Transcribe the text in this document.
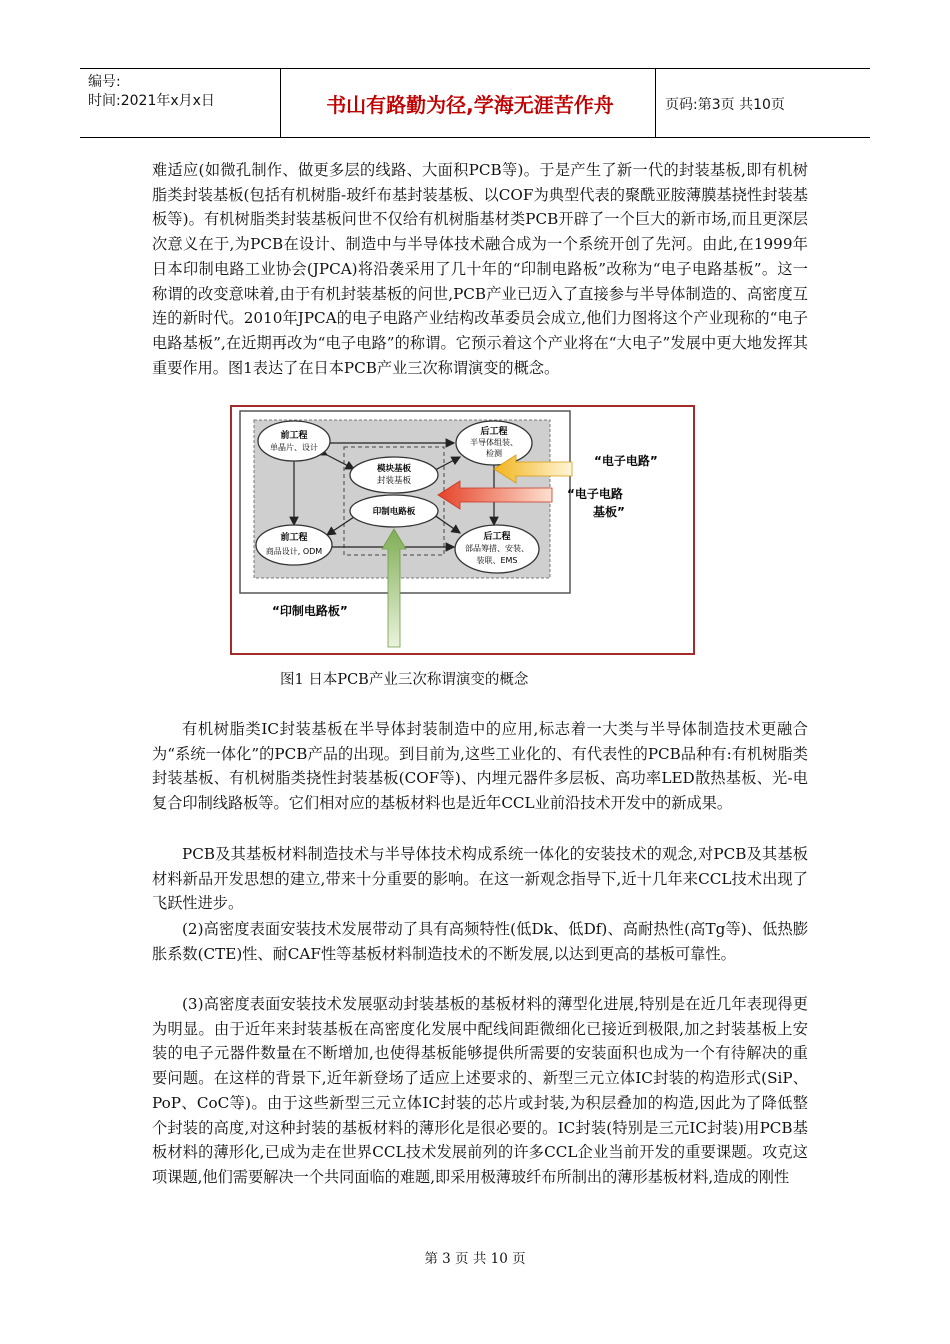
编号:
时间:2021年x月x日	书山有路勤为径,学海无涯苦作舟	页码:第3页 共10页

难适应(如微孔制作、做更多层的线路、大面积PCB等)。于是产生了新一代的封装基板,即有机树脂类封装基板(包括有机树脂-玻纤布基封装基板、以COF为典型代表的聚酰亚胺薄膜基挠性封装基板等)。有机树脂类封装基板问世不仅给有机树脂基材类PCB开辟了一个巨大的新市场,而且更深层次意义在于,为PCB在设计、制造中与半导体技术融合成为一个系统开创了先河。由此,在1999年日本印制电路工业协会(JPCA)将沿袭采用了几十年的“印制电路板”改称为“电子电路基板”。这一称谓的改变意味着,由于有机封装基板的问世,PCB产业已迈入了直接参与半导体制造的、高密度互连的新时代。2010年JPCA的电子电路产业结构改革委员会成立,他们力图将这个产业现称的“电子电路基板”,在近期再改为“电子电路”的称谓。它预示着这个产业将在“大电子”发展中更大地发挥其重要作用。图1表达了在日本PCB产业三次称谓演变的概念。

前工程
单晶片、设计
后工程
半导体组装、
检测
模块基板
封装基板
印制电路板
前工程
商品设计, ODM
后工程
部品筹措、安装、
装联、EMS
“电子电路”
“电子电路
基板”
“印制电路板”
图1 日本PCB产业三次称谓演变的概念

有机树脂类IC封装基板在半导体封装制造中的应用,标志着一大类与半导体制造技术更融合为“系统一体化”的PCB产品的出现。到目前为,这些工业化的、有代表性的PCB品种有:有机树脂类封装基板、有机树脂类挠性封装基板(COF等)、内埋元器件多层板、高功率LED散热基板、光-电复合印制线路板等。它们相对应的基板材料也是近年CCL业前沿技术开发中的新成果。

PCB及其基板材料制造技术与半导体技术构成系统一体化的安装技术的观念,对PCB及其基板材料新品开发思想的建立,带来十分重要的影响。在这一新观念指导下,近十几年来CCL技术出现了飞跃性进步。

(2)高密度表面安装技术发展带动了具有高频特性(低Dk、低Df)、高耐热性(高Tg等)、低热膨胀系数(CTE)性、耐CAF性等基板材料制造技术的不断发展,以达到更高的基板可靠性。

(3)高密度表面安装技术发展驱动封装基板的基板材料的薄型化进展,特别是在近几年表现得更为明显。由于近年来封装基板在高密度化发展中配线间距微细化已接近到极限,加之封装基板上安装的电子元器件数量在不断增加,也使得基板能够提供所需要的安装面积也成为一个有待解决的重要问题。在这样的背景下,近年新登场了适应上述要求的、新型三元立体IC封装的构造形式(SiP、PoP、CoC等)。由于这些新型三元立体IC封装的芯片或封装,为积层叠加的构造,因此为了降低整个封装的高度,对这种封装的基板材料的薄形化是很必要的。IC封装(特别是三元IC封装)用PCB基板材料的薄形化,已成为走在世界CCL技术发展前列的许多CCL企业当前开发的重要课题。攻克这项课题,他们需要解决一个共同面临的难题,即采用极薄玻纤布所制出的薄形基板材料,造成的刚性

第 3 页 共 10 页
